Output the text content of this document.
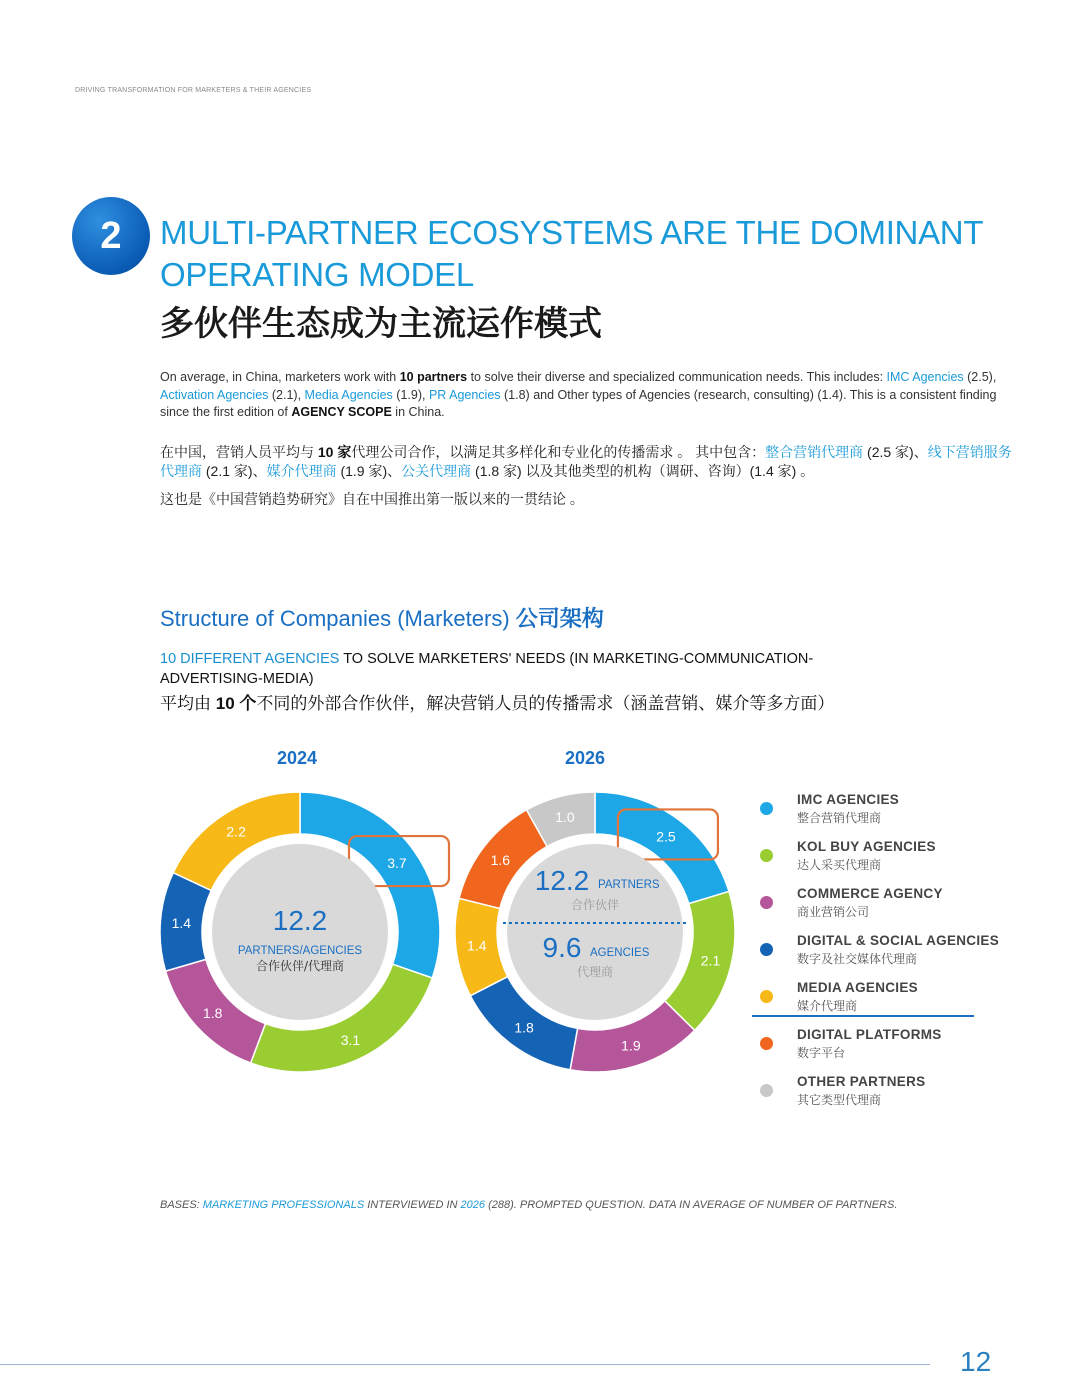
DRIVING TRANSFORMATION FOR MARKETERS & THEIR AGENCIES
2	MULTI-PARTNER ECOSYSTEMS ARE THE DOMINANT OPERATING MODEL
多伙伴生态成为主流运作模式
On average, in China, marketers work with 10 partners to solve their diverse and specialized communication needs. This includes: IMC Agencies (2.5), Activation Agencies (2.1), Media Agencies (1.9), PR Agencies (1.8) and Other types of Agencies (research, consulting) (1.4). This is a consistent finding since the first edition of AGENCY SCOPE in China.
在中国，营销人员平均与 10 家代理公司合作，以满足其多样化和专业化的传播需求 。 其中包含：整合营销代理商 (2.5 家)、线下营销服务代理商 (2.1 家)、媒介代理商 (1.9 家)、公关代理商 (1.8 家) 以及其他类型的机构（调研、咨询）(1.4 家) 。
这也是《中国营销趋势研究》自在中国推出第一版以来的一贯结论 。
Structure of Companies (Marketers) 公司架构
10 DIFFERENT AGENCIES TO SOLVE MARKETERS' NEEDS (IN MARKETING-COMMUNICATION-ADVERTISING-MEDIA)
平均由 10 个不同的外部合作伙伴，解决营销人员的传播需求（涵盖营销、媒介等多方面）
2024	2026
3.7
3.1
1.8
1.4
2.2
12.2
PARTNERS/AGENCIES
合作伙伴/代理商
2.5
2.1
1.9
1.8
1.4
1.6
1.0
12.2 PARTNERS
合作伙伴
9.6 AGENCIES
代理商
IMC AGENCIES
整合营销代理商
KOL BUY AGENCIES
达人采买代理商
COMMERCE AGENCY
商业营销公司
DIGITAL & SOCIAL AGENCIES
数字及社交媒体代理商
MEDIA AGENCIES
媒介代理商
DIGITAL PLATFORMS
数字平台
OTHER PARTNERS
其它类型代理商
BASES: MARKETING PROFESSIONALS INTERVIEWED IN 2026 (288). PROMPTED QUESTION. DATA IN AVERAGE OF NUMBER OF PARTNERS.
12
